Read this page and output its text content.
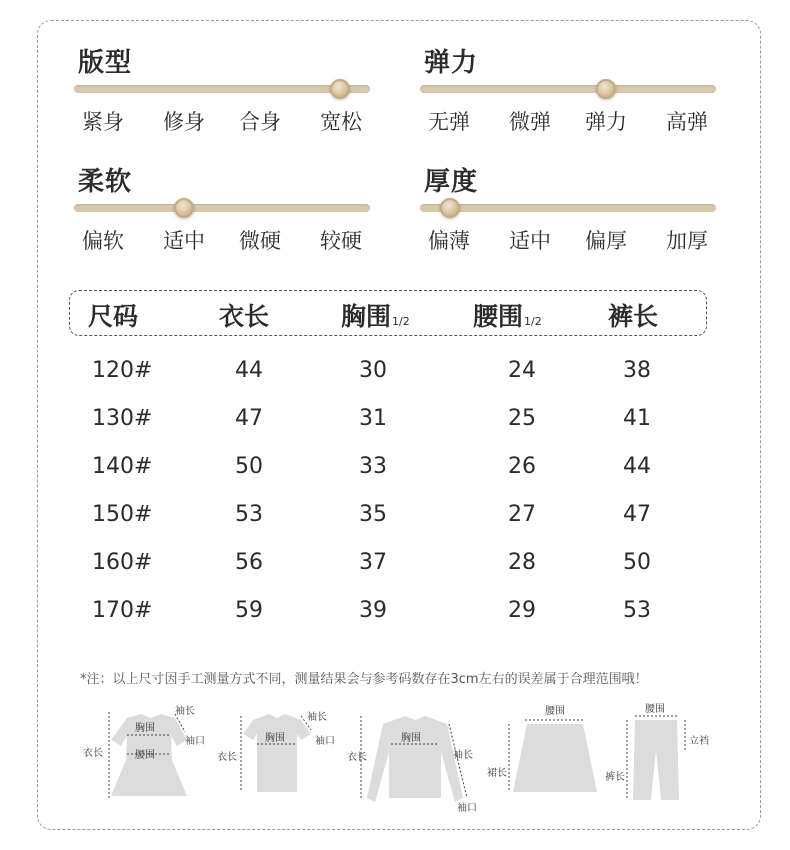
版型
紧身 修身 合身 宽松
弹力
无弹 微弹 弹力 高弹
柔软
偏软 适中 微硬 较硬
厚度
偏薄 适中 偏厚 加厚
尺码	衣长	胸围1/2	腰围1/2	裤长
120#	44	30	24	38
130#	47	31	25	41
140#	50	33	26	44
150#	53	35	27	47
160#	56	37	28	50
170#	59	39	29	53
*注：以上尺寸因手工测量方式不同，测量结果会与参考码数存在3cm左右的误差属于合理范围哦！
胸围
腰围
衣长
袖长
袖口	胸围
衣长
袖长
袖口	胸围
衣长	袖长
袖口
腰围
裙长
腰围
立裆
裤长
